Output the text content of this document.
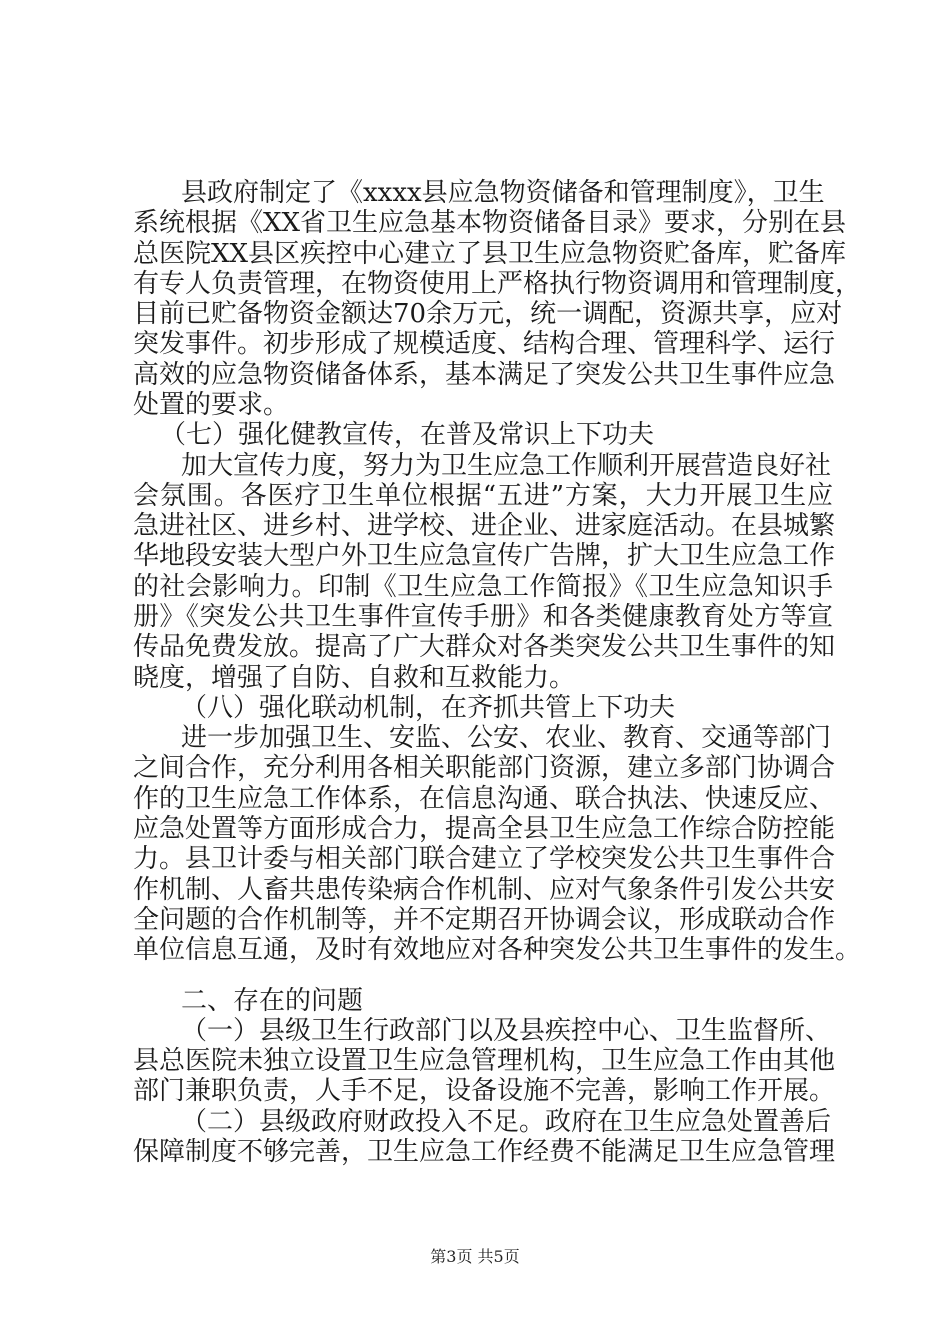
县政府制定了《xxxx县应急物资储备和管理制度》，卫生
系统根据《XX省卫生应急基本物资储备目录》要求，分别在县
总医院XX县区疾控中心建立了县卫生应急物资贮备库，贮备库
有专人负责管理，在物资使用上严格执行物资调用和管理制度，
目前已贮备物资金额达70余万元，统一调配，资源共享，应对
突发事件。初步形成了规模适度、结构合理、管理科学、运行
高效的应急物资储备体系，基本满足了突发公共卫生事件应急
处置的要求。
（七）强化健教宣传，在普及常识上下功夫
加大宣传力度，努力为卫生应急工作顺利开展营造良好社
会氛围。各医疗卫生单位根据“五进”方案，大力开展卫生应
急进社区、进乡村、进学校、进企业、进家庭活动。在县城繁
华地段安装大型户外卫生应急宣传广告牌，扩大卫生应急工作
的社会影响力。印制《卫生应急工作简报》《卫生应急知识手
册》《突发公共卫生事件宣传手册》和各类健康教育处方等宣
传品免费发放。提高了广大群众对各类突发公共卫生事件的知
晓度，增强了自防、自救和互救能力。
（八）强化联动机制，在齐抓共管上下功夫
进一步加强卫生、安监、公安、农业、教育、交通等部门
之间合作，充分利用各相关职能部门资源，建立多部门协调合
作的卫生应急工作体系，在信息沟通、联合执法、快速反应、
应急处置等方面形成合力，提高全县卫生应急工作综合防控能
力。县卫计委与相关部门联合建立了学校突发公共卫生事件合
作机制、人畜共患传染病合作机制、应对气象条件引发公共安
全问题的合作机制等，并不定期召开协调会议，形成联动合作
单位信息互通，及时有效地应对各种突发公共卫生事件的发生。
二、存在的问题
（一）县级卫生行政部门以及县疾控中心、卫生监督所、
县总医院未独立设置卫生应急管理机构，卫生应急工作由其他
部门兼职负责，人手不足，设备设施不完善，影响工作开展。
（二）县级政府财政投入不足。政府在卫生应急处置善后
保障制度不够完善，卫生应急工作经费不能满足卫生应急管理
第3页 共5页
